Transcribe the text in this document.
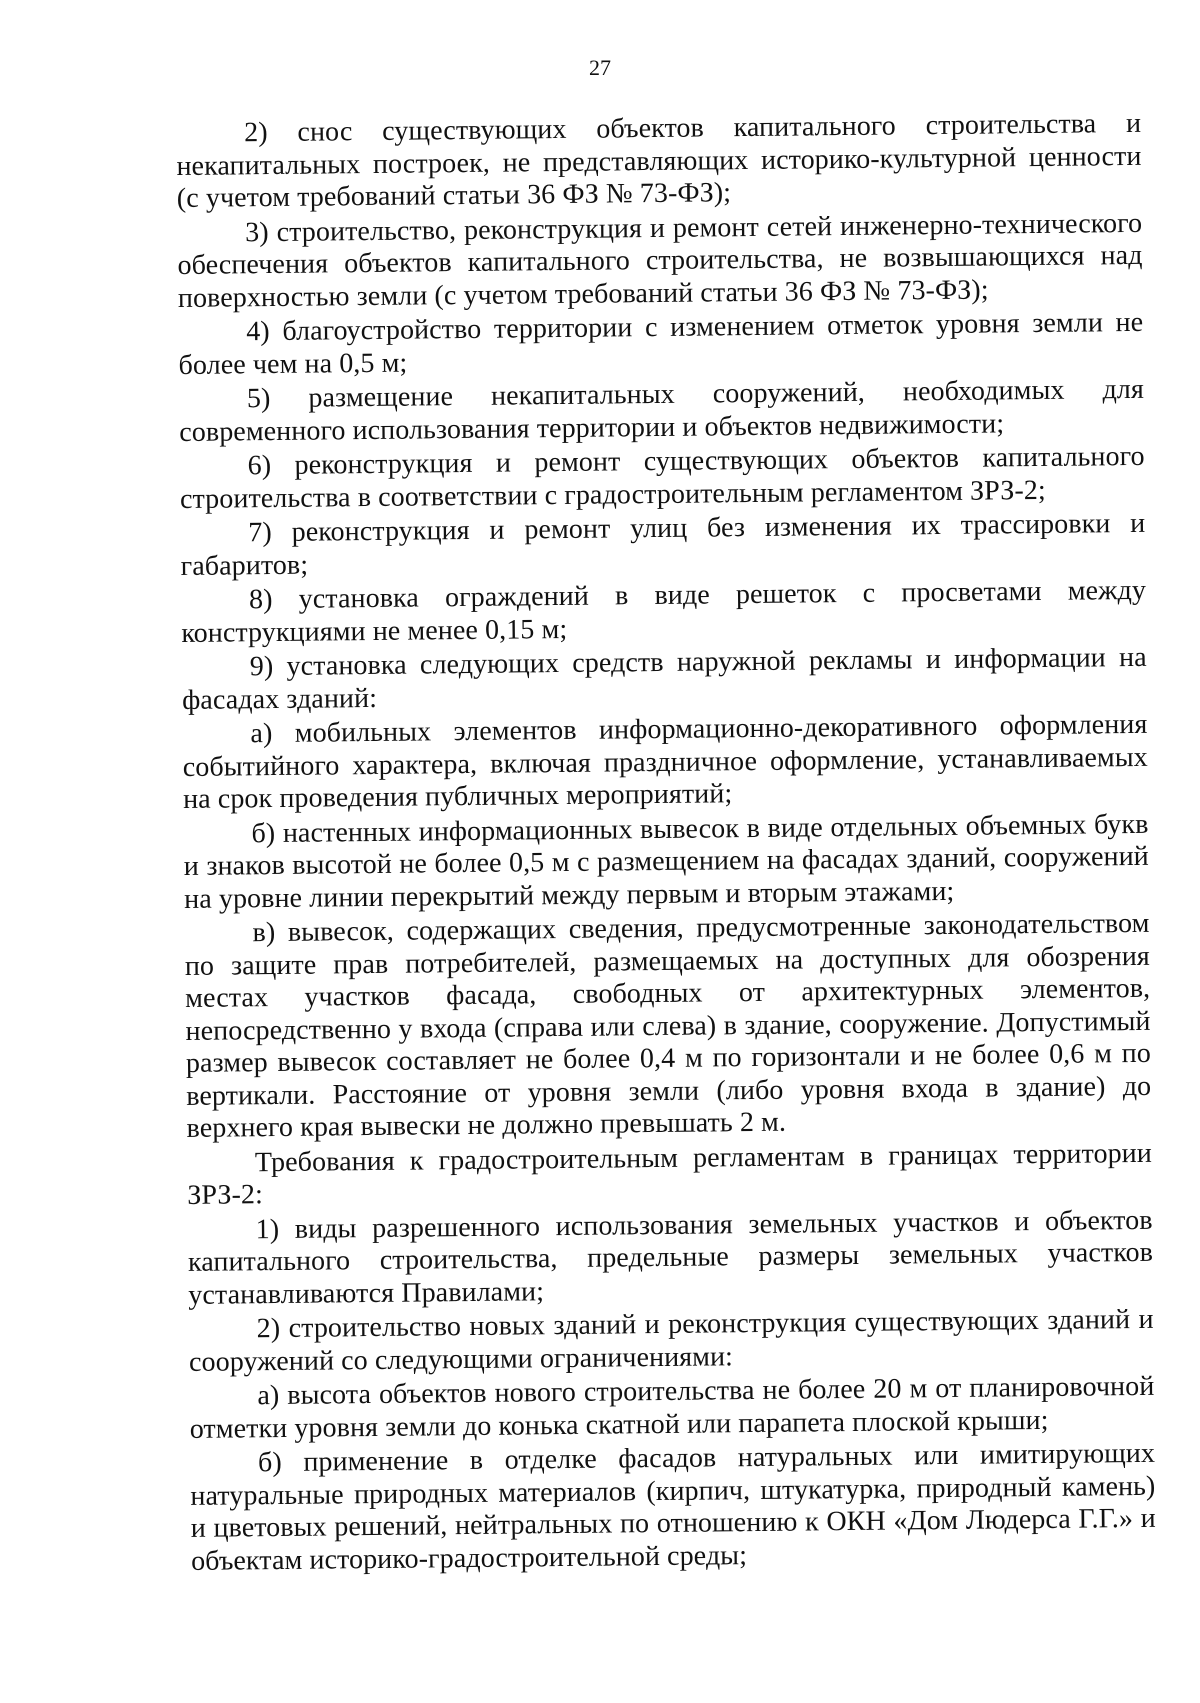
27

2) снос существующих объектов капитального строительства и некапитальных построек, не представляющих историко-культурной ценности (с учетом требований статьи 36 ФЗ № 73-ФЗ);

3) строительство, реконструкция и ремонт сетей инженерно-технического обеспечения объектов капитального строительства, не возвышающихся над поверхностью земли (с учетом требований статьи 36 ФЗ № 73-ФЗ);

4) благоустройство территории с изменением отметок уровня земли не более чем на 0,5 м;

5) размещение некапитальных сооружений, необходимых для современного использования территории и объектов недвижимости;

6) реконструкция и ремонт существующих объектов капитального строительства в соответствии с градостроительным регламентом ЗРЗ-2;

7) реконструкция и ремонт улиц без изменения их трассировки и габаритов;

8) установка ограждений в виде решеток с просветами между конструкциями не менее 0,15 м;

9) установка следующих средств наружной рекламы и информации на фасадах зданий:

а) мобильных элементов информационно-декоративного оформления событийного характера, включая праздничное оформление, устанавливаемых на срок проведения публичных мероприятий;

б) настенных информационных вывесок в виде отдельных объемных букв и знаков высотой не более 0,5 м с размещением на фасадах зданий, сооружений на уровне линии перекрытий между первым и вторым этажами;

в) вывесок, содержащих сведения, предусмотренные законодательством по защите прав потребителей, размещаемых на доступных для обозрения местах участков фасада, свободных от архитектурных элементов, непосредственно у входа (справа или слева) в здание, сооружение. Допустимый размер вывесок составляет не более 0,4 м по горизонтали и не более 0,6 м по вертикали. Расстояние от уровня земли (либо уровня входа в здание) до верхнего края вывески не должно превышать 2 м.

Требования к градостроительным регламентам в границах территории ЗРЗ-2:

1) виды разрешенного использования земельных участков и объектов капитального строительства, предельные размеры земельных участков устанавливаются Правилами;

2) строительство новых зданий и реконструкция существующих зданий и сооружений со следующими ограничениями:

а) высота объектов нового строительства не более 20 м от планировочной отметки уровня земли до конька скатной или парапета плоской крыши;

б) применение в отделке фасадов натуральных или имитирующих натуральные природных материалов (кирпич, штукатурка, природный камень) и цветовых решений, нейтральных по отношению к ОКН «Дом Людерса Г.Г.» и объектам историко-градостроительной среды;
